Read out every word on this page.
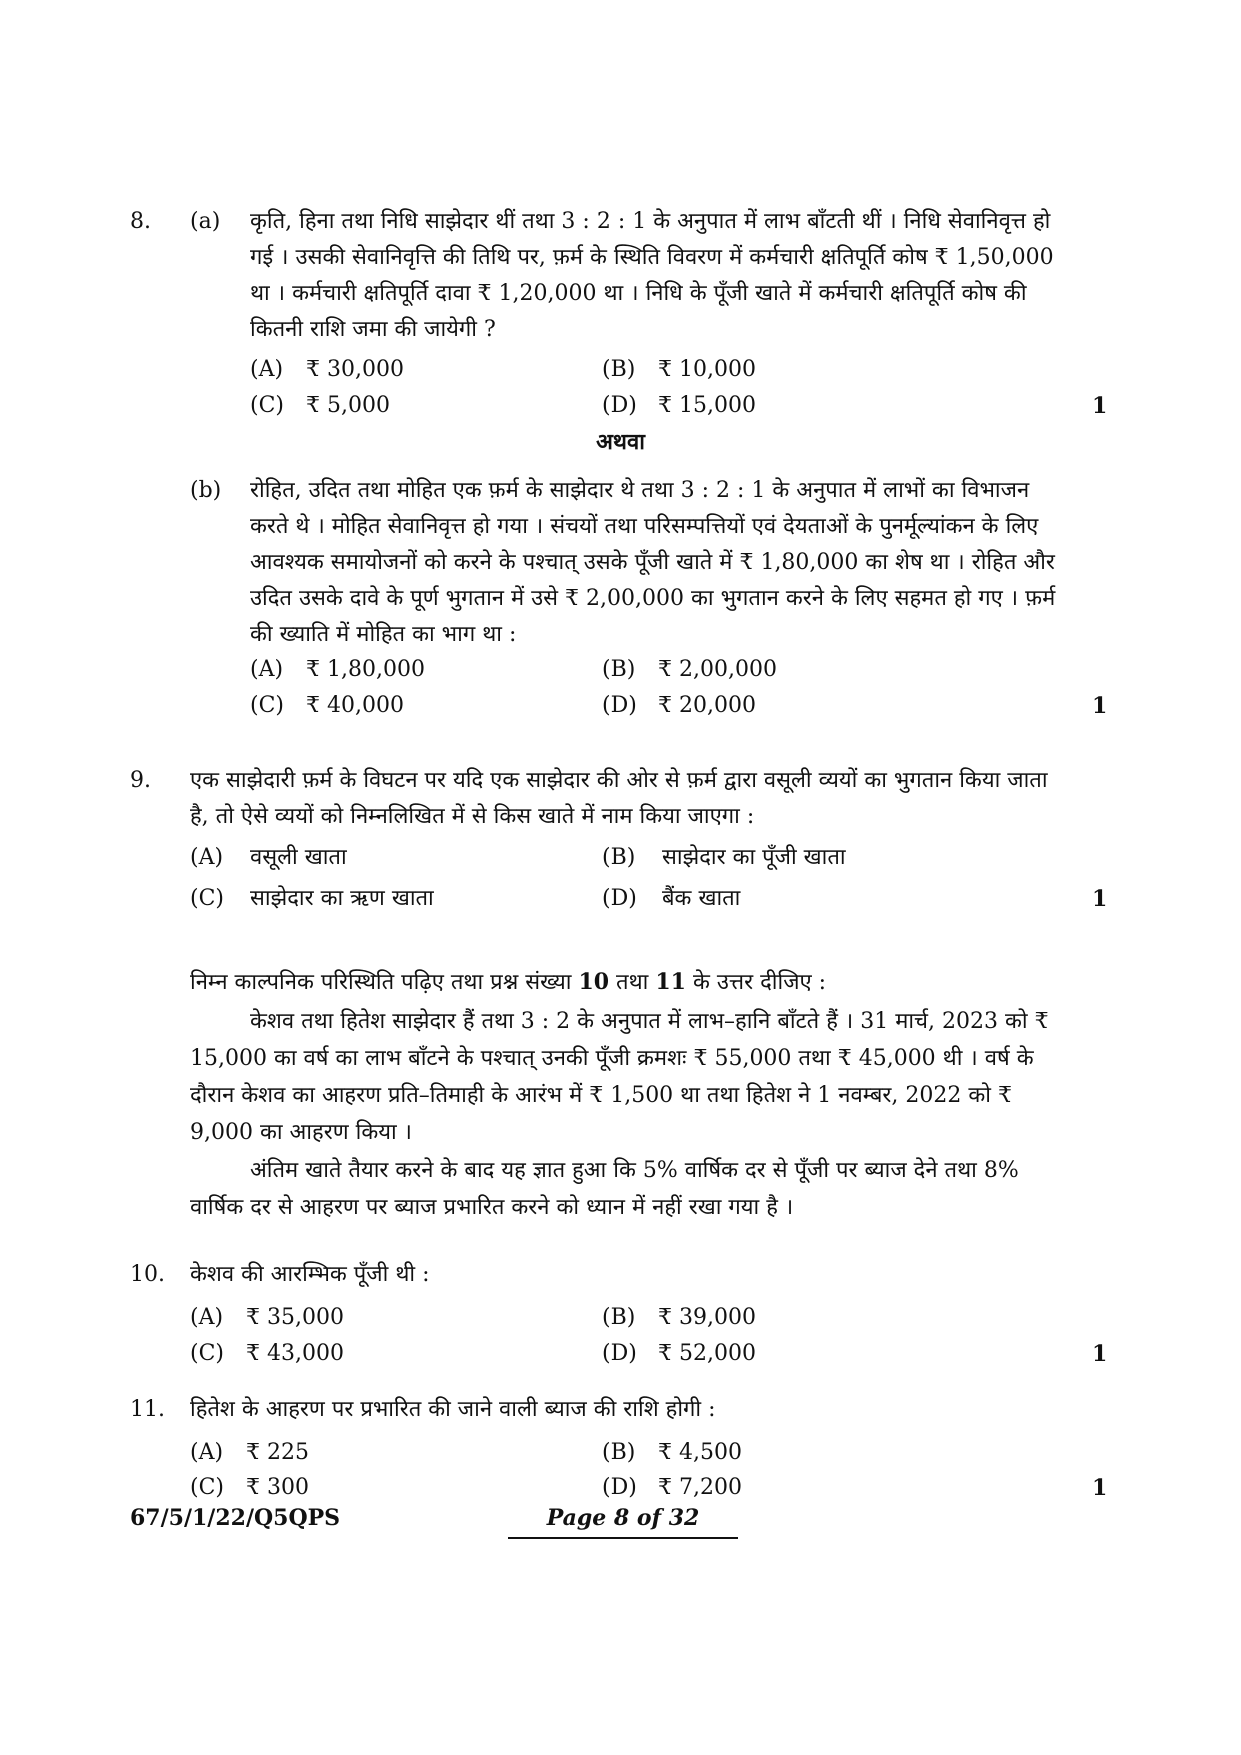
8. (a) कृति, हिना तथा निधि साझेदार थीं तथा 3 : 2 : 1 के अनुपात में लाभ बाँटती थीं । निधि सेवानिवृत्त हो गई । उसकी सेवानिवृत्ति की तिथि पर, फ़र्म के स्थिति विवरण में कर्मचारी क्षतिपूर्ति कोष ₹ 1,50,000 था । कर्मचारी क्षतिपूर्ति दावा ₹ 1,20,000 था । निधि के पूँजी खाते में कर्मचारी क्षतिपूर्ति कोष की कितनी राशि जमा की जायेगी ?
(A) ₹ 30,000	(B) ₹ 10,000
(C) ₹ 5,000	(D) ₹ 15,000	1
अथवा
(b) रोहित, उदित तथा मोहित एक फ़र्म के साझेदार थे तथा 3 : 2 : 1 के अनुपात में लाभों का विभाजन करते थे । मोहित सेवानिवृत्त हो गया । संचयों तथा परिसम्पत्तियों एवं देयताओं के पुनर्मूल्यांकन के लिए आवश्यक समायोजनों को करने के पश्चात् उसके पूँजी खाते में ₹ 1,80,000 का शेष था । रोहित और उदित उसके दावे के पूर्ण भुगतान में उसे ₹ 2,00,000 का भुगतान करने के लिए सहमत हो गए । फ़र्म की ख्याति में मोहित का भाग था :
(A) ₹ 1,80,000	(B) ₹ 2,00,000
(C) ₹ 40,000	(D) ₹ 20,000	1
9. एक साझेदारी फ़र्म के विघटन पर यदि एक साझेदार की ओर से फ़र्म द्वारा वसूली व्ययों का भुगतान किया जाता है, तो ऐसे व्ययों को निम्नलिखित में से किस खाते में नाम किया जाएगा :
(A) वसूली खाता	(B) साझेदार का पूँजी खाता
(C) साझेदार का ऋण खाता	(D) बैंक खाता	1
निम्न काल्पनिक परिस्थिति पढ़िए तथा प्रश्न संख्या 10 तथा 11 के उत्तर दीजिए :
केशव तथा हितेश साझेदार हैं तथा 3 : 2 के अनुपात में लाभ–हानि बाँटते हैं । 31 मार्च, 2023 को ₹ 15,000 का वर्ष का लाभ बाँटने के पश्चात् उनकी पूँजी क्रमशः ₹ 55,000 तथा ₹ 45,000 थी । वर्ष के दौरान केशव का आहरण प्रति–तिमाही के आरंभ में ₹ 1,500 था तथा हितेश ने 1 नवम्बर, 2022 को ₹ 9,000 का आहरण किया ।
अंतिम खाते तैयार करने के बाद यह ज्ञात हुआ कि 5% वार्षिक दर से पूँजी पर ब्याज देने तथा 8% वार्षिक दर से आहरण पर ब्याज प्रभारित करने को ध्यान में नहीं रखा गया है ।
10. केशव की आरम्भिक पूँजी थी :
(A) ₹ 35,000	(B) ₹ 39,000
(C) ₹ 43,000	(D) ₹ 52,000	1
11. हितेश के आहरण पर प्रभारित की जाने वाली ब्याज की राशि होगी :
(A) ₹ 225	(B) ₹ 4,500
(C) ₹ 300	(D) ₹ 7,200	1
67/5/1/22/Q5QPS	Page 8 of 32
